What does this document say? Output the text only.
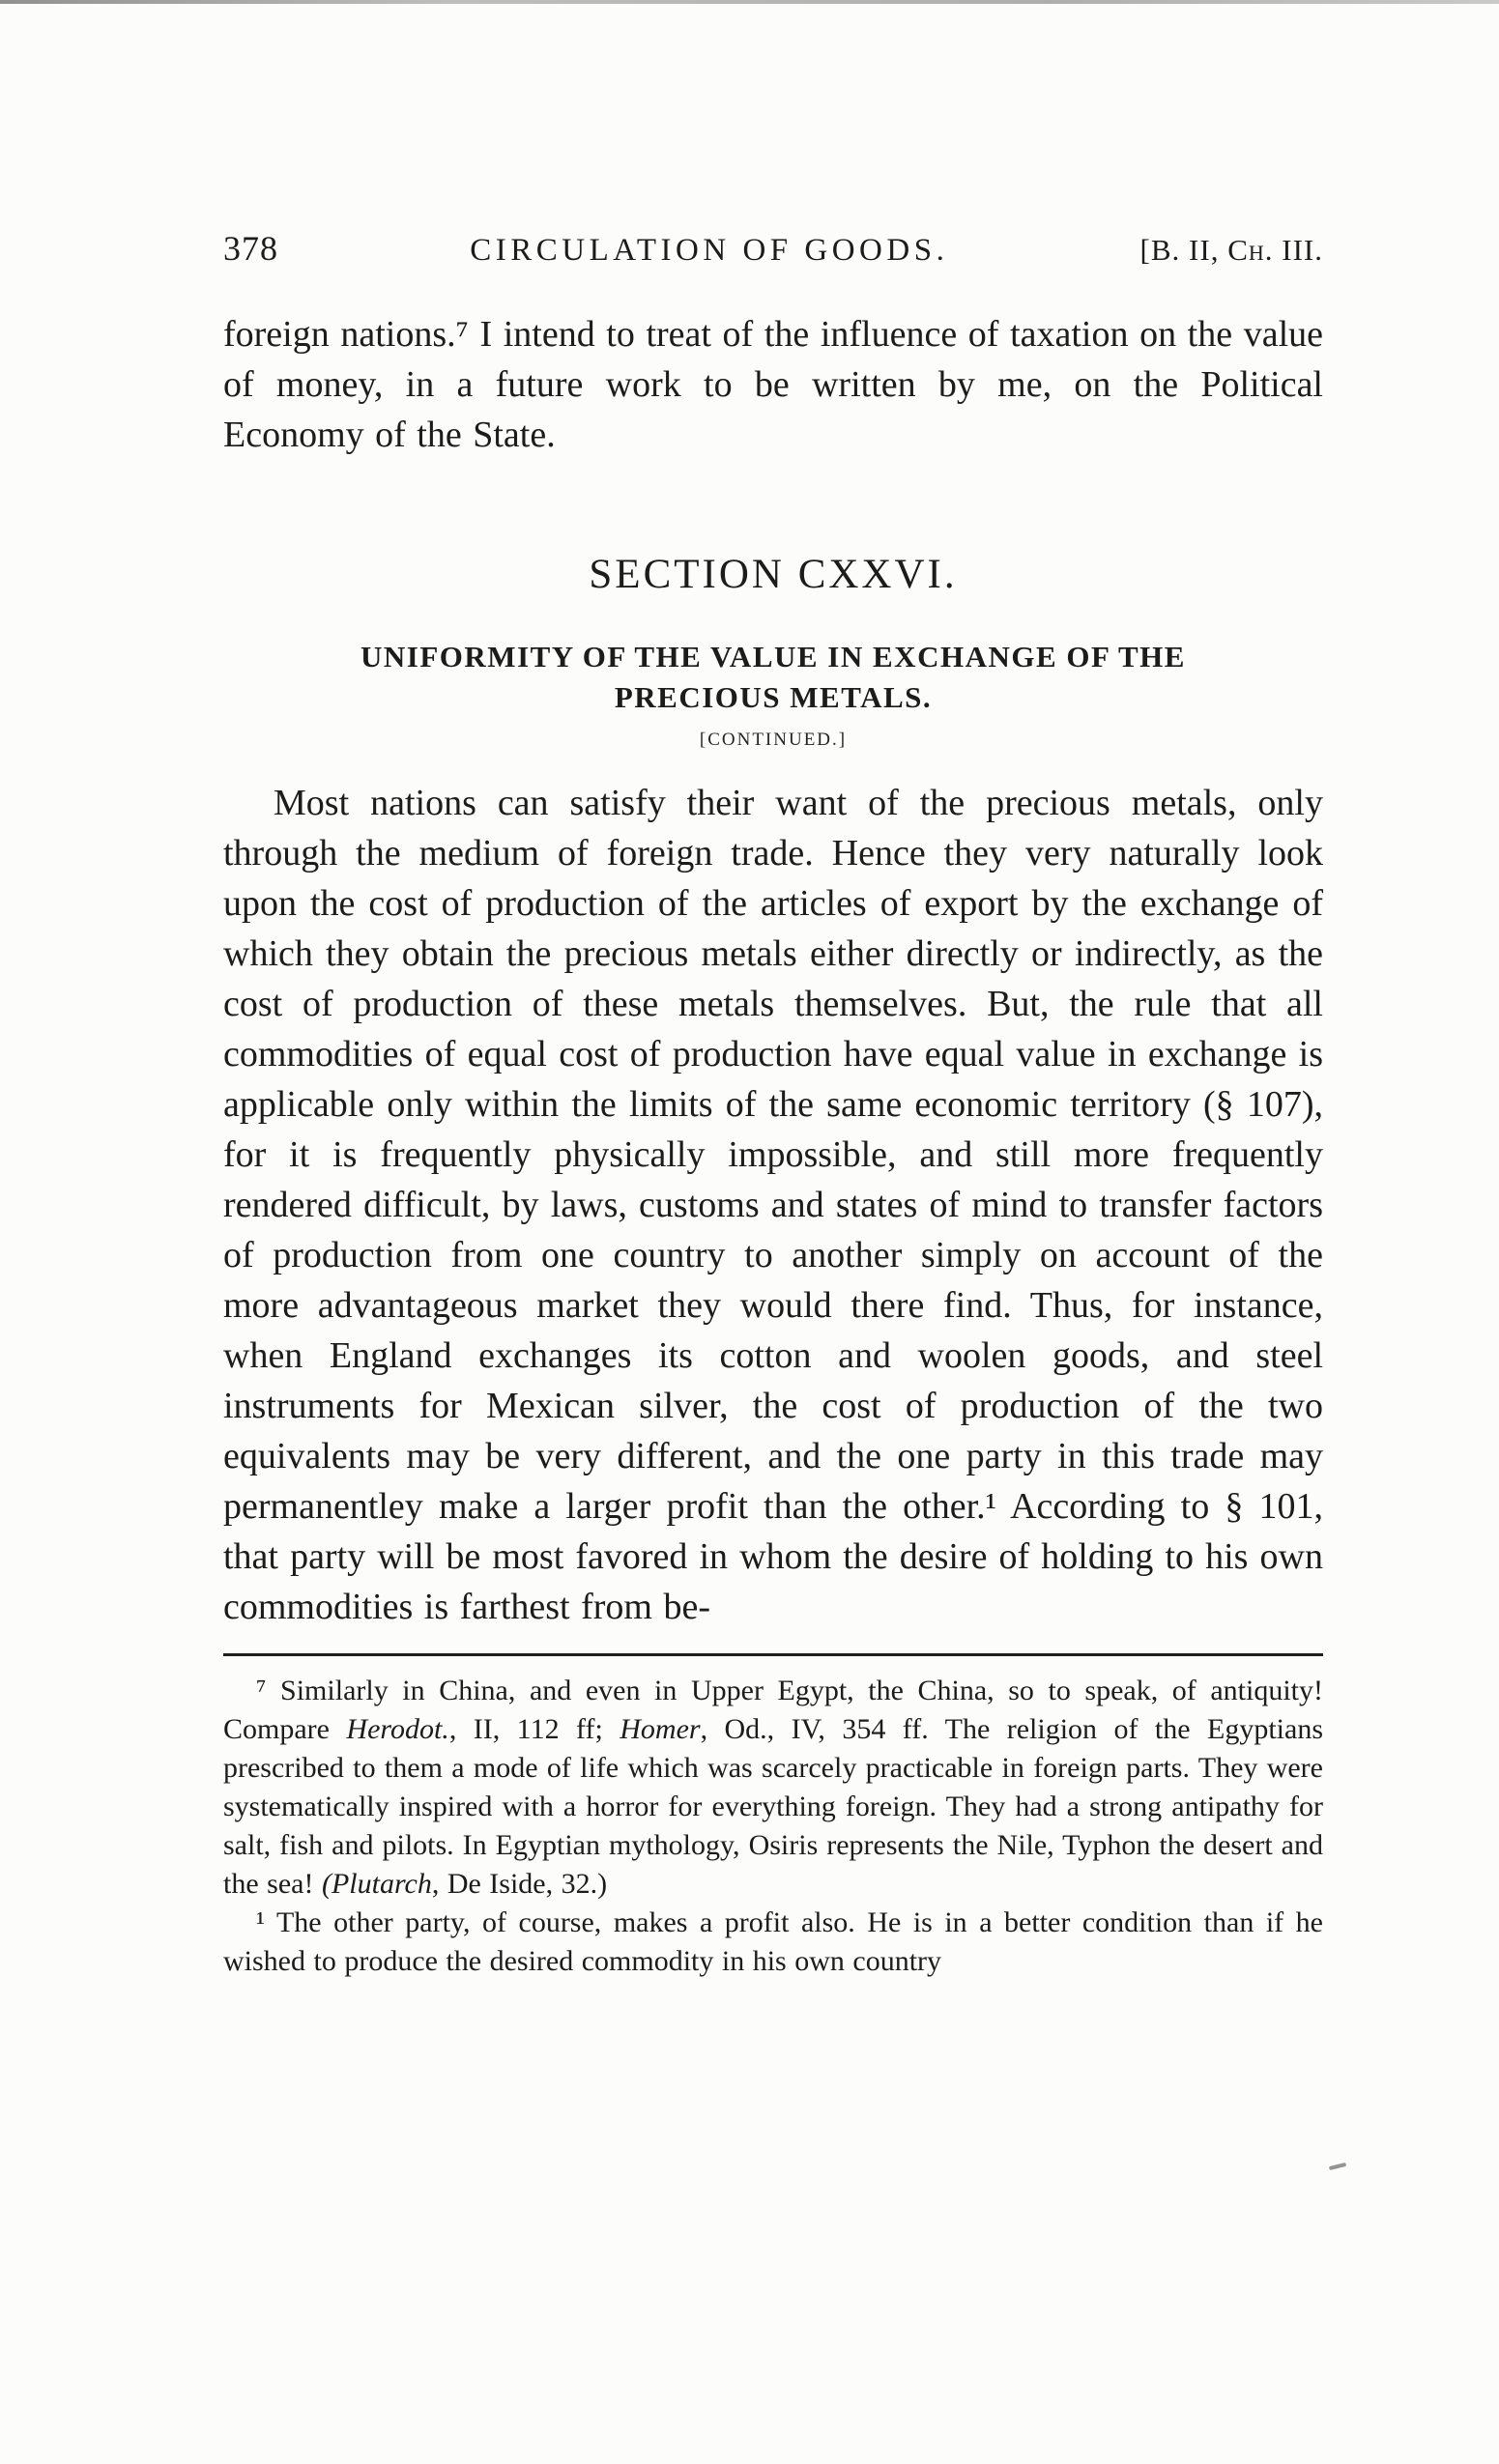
378	CIRCULATION OF GOODS.	[B. II, Ch. III.

foreign nations.⁷ I intend to treat of the influence of taxation on the value of money, in a future work to be written by me, on the Political Economy of the State.

SECTION CXXVI.
UNIFORMITY OF THE VALUE IN EXCHANGE OF THE
PRECIOUS METALS.
[CONTINUED.]

Most nations can satisfy their want of the precious metals, only through the medium of foreign trade. Hence they very naturally look upon the cost of production of the articles of export by the exchange of which they obtain the precious metals either directly or indirectly, as the cost of production of these metals themselves. But, the rule that all commodities of equal cost of production have equal value in exchange is applicable only within the limits of the same economic territory (§ 107), for it is frequently physically impossible, and still more frequently rendered difficult, by laws, customs and states of mind to transfer factors of production from one country to another simply on account of the more advantageous market they would there find. Thus, for instance, when England exchanges its cotton and woolen goods, and steel instruments for Mexican silver, the cost of production of the two equivalents may be very different, and the one party in this trade may permanentley make a larger profit than the other.¹ According to § 101, that party will be most favored in whom the desire of holding to his own commodities is farthest from be-

⁷ Similarly in China, and even in Upper Egypt, the China, so to speak, of antiquity! Compare Herodot., II, 112 ff; Homer, Od., IV, 354 ff. The religion of the Egyptians prescribed to them a mode of life which was scarcely practicable in foreign parts. They were systematically inspired with a horror for everything foreign. They had a strong antipathy for salt, fish and pilots. In Egyptian mythology, Osiris represents the Nile, Typhon the desert and the sea! (Plutarch, De Iside, 32.)

¹ The other party, of course, makes a profit also. He is in a better condition than if he wished to produce the desired commodity in his own country
